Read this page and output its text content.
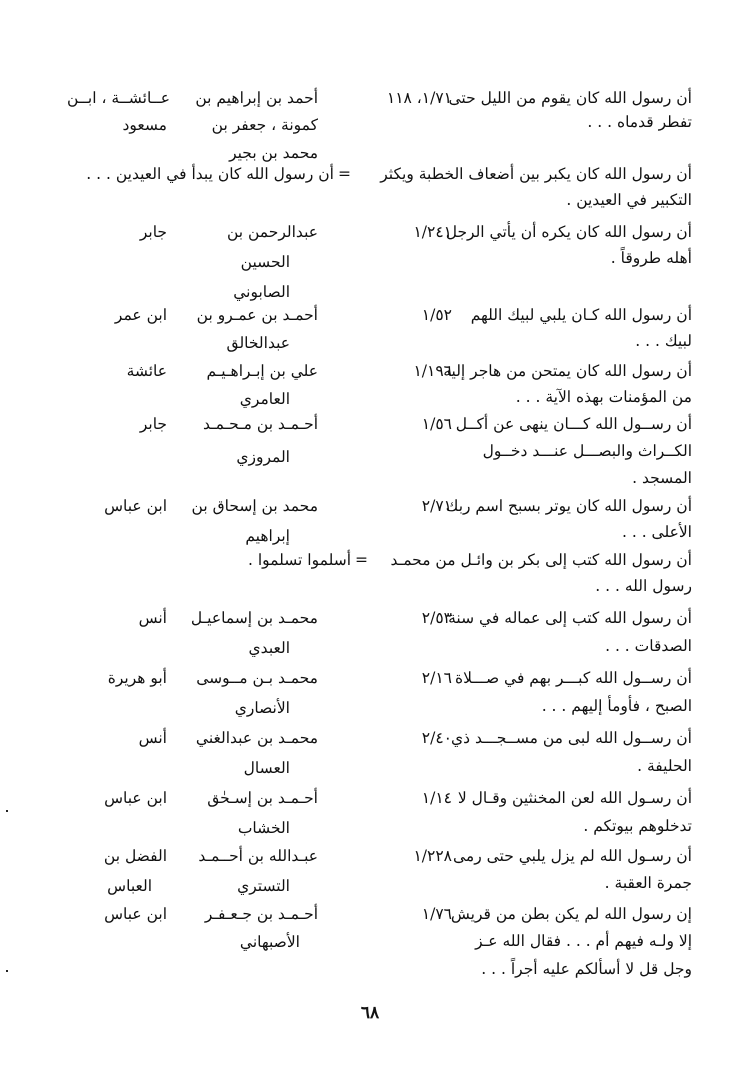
أن رسول الله كان يقوم من الليل حتى
تفطر قدماه . . .
١/٧١، ١١٨
أحمد بن إبراهيم بن
كمونة ، جعفر بن
محمد بن بجير
عــائشــة ، ابــن
مسعود
أن رسول الله كان يكبر بين أضعاف الخطبة ويكثر
التكبير في العيدين .
=
أن رسول الله كان يبدأ في العيدين . . .
أن رسول الله كان يكره أن يأتي الرجل
أهله طروقاً .
١/٢٤١
عبدالرحمن بن
الحسين
الصابوني
جابر
أن رسول الله كـان يلبي لبيك اللهم
لبيك . . .
١/٥٢
أحمـد بن عمـرو بن
عبدالخالق
ابن عمر
أن رسول الله كان يمتحن من هاجر إليه
من المؤمنات بهذه الآية . . .
١/١٩٦
علي بن إبـراهـيـم
العامري
عائشة
أن رســول الله كـــان ينهى عن أكــل
الكــراث والبصـــل عنـــد دخــول
المسجد .
١/٥٦
أحـمـد بن مـحـمـد
المروزي
جابر
أن رسول الله كان يوتر بسبح اسم ربك
الأعلى . . .
٢/٧١
محمد بن إسحاق بن
إبراهيم
ابن عباس
أن رسول الله كتب إلى بكر بن وائـل من محمـد
رسول الله . . .
=
أسلموا تسلموا .
أن رسول الله كتب إلى عماله في سنة
الصدقات . . .
٢/٥٣
محمـد بن إسماعيـل
العبدي
أنس
أن رســول الله كبـــر بهم في صـــلاة
الصبح ، فأومأ إليهم . . .
٢/١٦
محمـد بـن مــوسى
الأنصاري
أبو هريرة
أن رســول الله لبى من مســجـــد ذي
الحليفة .
٢/٤٠
محمـد بن عبدالغني
العسال
أنس
أن رسـول الله لعن المخنثين وقـال لا
تدخلوهم بيوتكم .
١/١٤
أحـمـد بن إسـحٰق
الخشاب
ابن عباس
أن رسـول الله لم يزل يلبي حتى رمى
جمرة العقبة .
١/٢٢٨
عبـدالله بن أحــمـد
التستري
الفضل بن
العباس
إن رسول الله لم يكن بطن من قريش
إلا ولـه فيهم أم . . . فقال الله عـز
وجل قل لا أسألكم عليه أجراً . . .
١/٧٦
أحـمـد بن جـعـفـر
الأصبهاني
ابن عباس
٦٨
